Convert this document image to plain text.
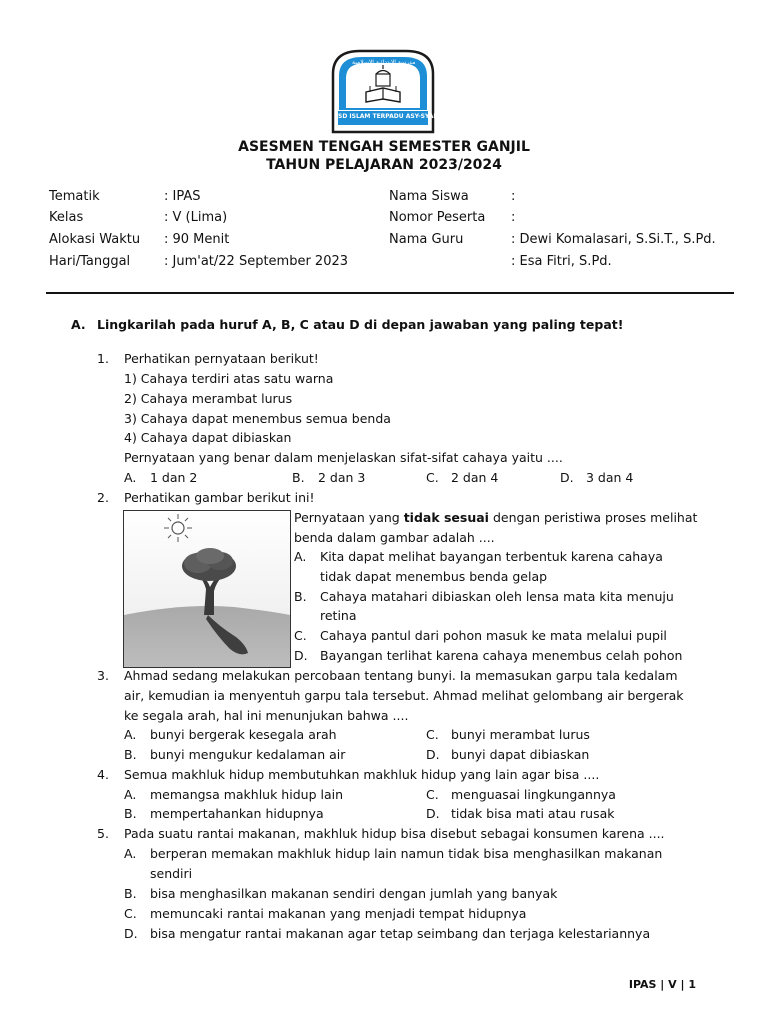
مدرسة الإبتدائية الإسلامية
SD ISLAM TERPADU ASY-SYAFI'I
ASESMEN TENGAH SEMESTER GANJIL
TAHUN PELAJARAN 2023/2024
Tematik	: IPAS
Kelas	: V (Lima)
Alokasi Waktu : 90 Menit
Hari/Tanggal	: Jum'at/22 September 2023
Nama Siswa	:
Nomor Peserta :
Nama Guru	: Dewi Komalasari, S.Si.T., S.Pd.
: Esa Fitri, S.Pd.
A. Lingkarilah pada huruf A, B, C atau D di depan jawaban yang paling tepat!
1. Perhatikan pernyataan berikut!
1) Cahaya terdiri atas satu warna
2) Cahaya merambat lurus
3) Cahaya dapat menembus semua benda
4) Cahaya dapat dibiaskan
Pernyataan yang benar dalam menjelaskan sifat-sifat cahaya yaitu ....
A. 1 dan 2	B. 2 dan 3	C. 2 dan 4	D. 3 dan 4
2. Perhatikan gambar berikut ini!
Pernyataan yang tidak sesuai dengan peristiwa proses melihat
benda dalam gambar adalah ....
A. Kita dapat melihat bayangan terbentuk karena cahaya
tidak dapat menembus benda gelap
B. Cahaya matahari dibiaskan oleh lensa mata kita menuju
retina
C. Cahaya pantul dari pohon masuk ke mata melalui pupil
D. Bayangan terlihat karena cahaya menembus celah pohon
3. Ahmad sedang melakukan percobaan tentang bunyi. Ia memasukan garpu tala kedalam
air, kemudian ia menyentuh garpu tala tersebut. Ahmad melihat gelombang air bergerak
ke segala arah, hal ini menunjukan bahwa ....
A. bunyi bergerak kesegala arah	C. bunyi merambat lurus
B. bunyi mengukur kedalaman air	D. bunyi dapat dibiaskan
4. Semua makhluk hidup membutuhkan makhluk hidup yang lain agar bisa ....
A. memangsa makhluk hidup lain	C. menguasai lingkungannya
B. mempertahankan hidupnya	D. tidak bisa mati atau rusak
5. Pada suatu rantai makanan, makhluk hidup bisa disebut sebagai konsumen karena ....
A. berperan memakan makhluk hidup lain namun tidak bisa menghasilkan makanan
sendiri
B. bisa menghasilkan makanan sendiri dengan jumlah yang banyak
C. memuncaki rantai makanan yang menjadi tempat hidupnya
D. bisa mengatur rantai makanan agar tetap seimbang dan terjaga kelestariannya
IPAS | V | 1
